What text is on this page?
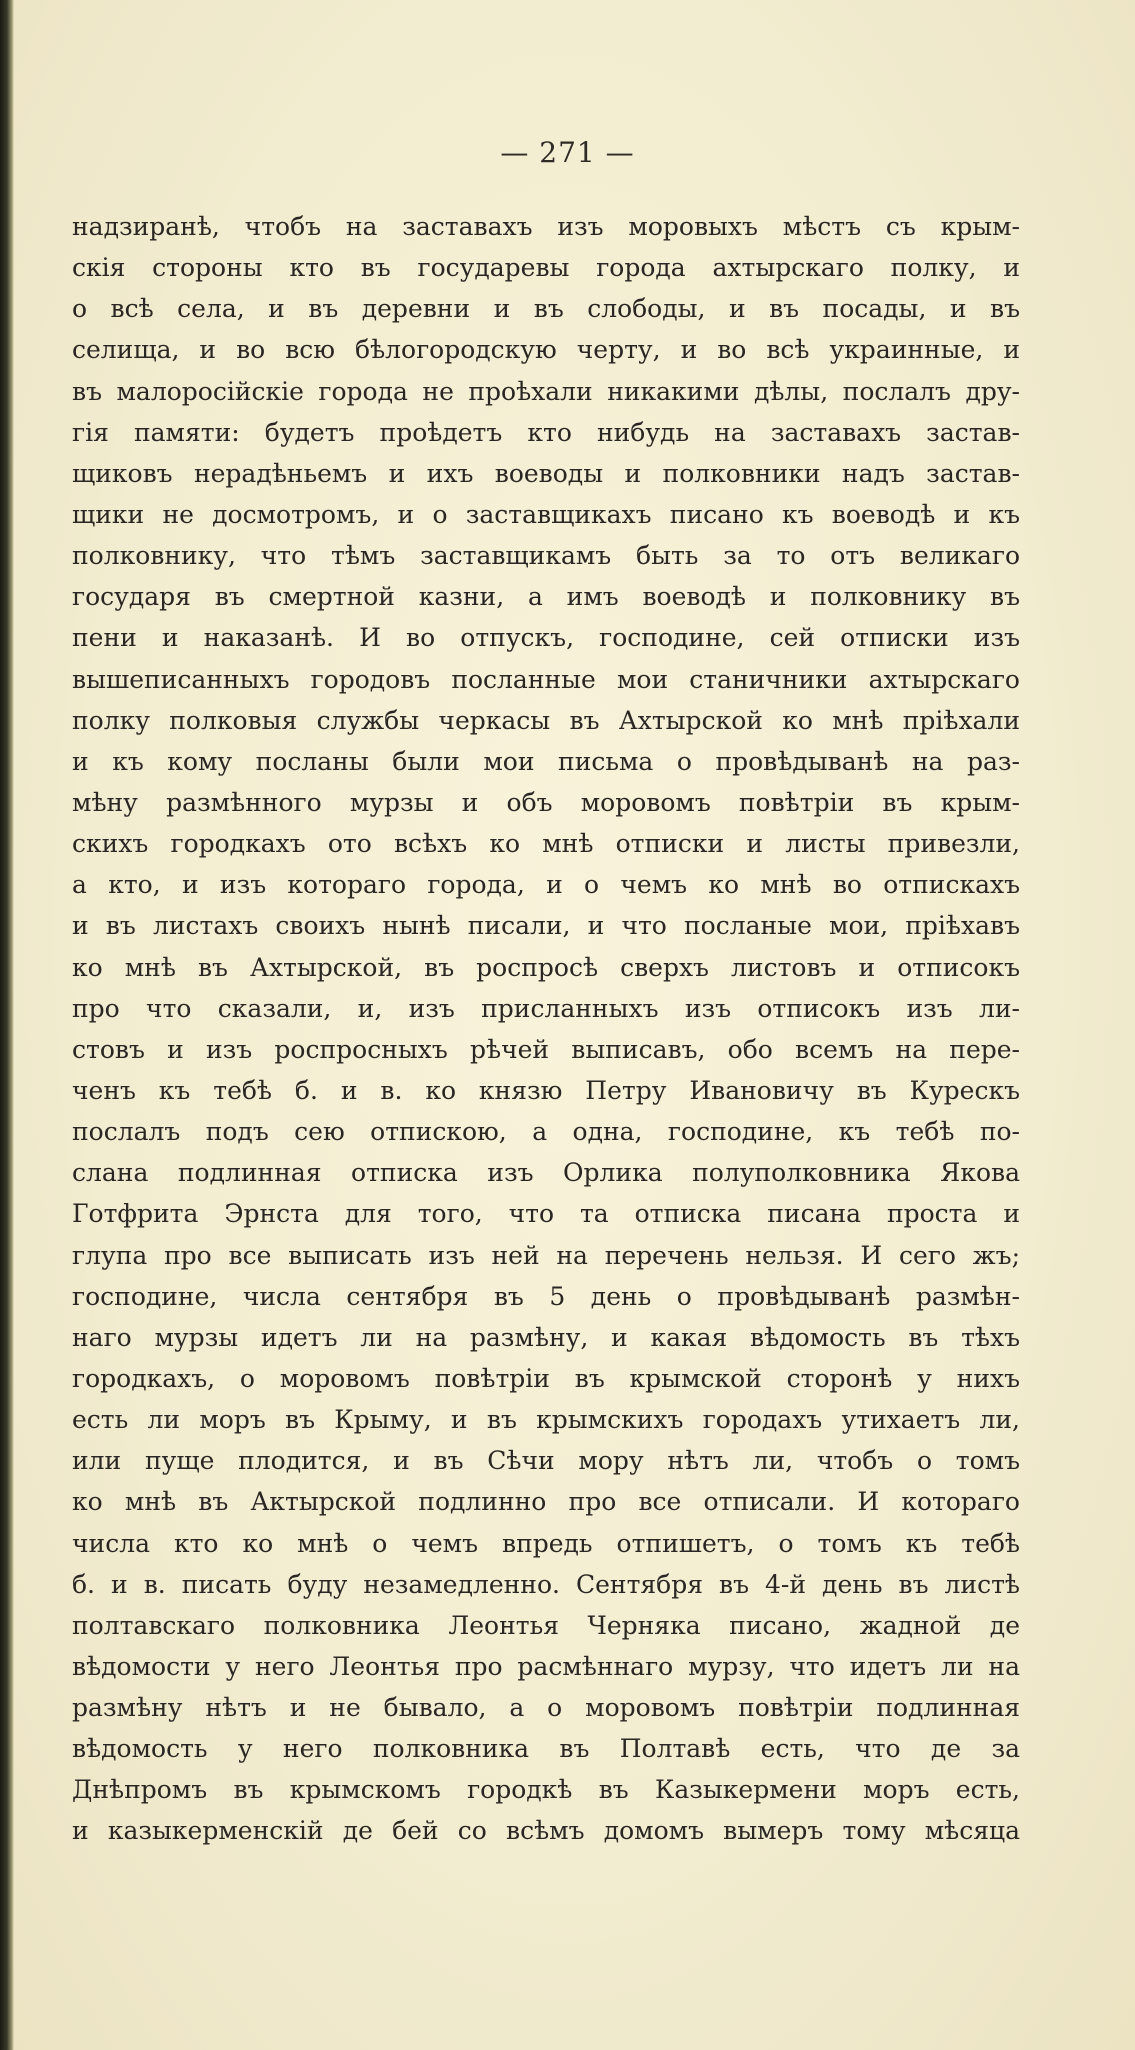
— 271 —
надзиранѣ, чтобъ на заставахъ изъ моровыхъ мѣстъ съ крым-
скія стороны кто въ государевы города ахтырскаго полку, и
о всѣ села, и въ деревни и въ слободы, и въ посады, и въ
селища, и во всю бѣлогородскую черту, и во всѣ украинные, и
въ малоросійскіе города не проѣхали никакими дѣлы, послалъ дру-
гія памяти: будетъ проѣдетъ кто нибудь на заставахъ застав-
щиковъ нерадѣньемъ и ихъ воеводы и полковники надъ застав-
щики не досмотромъ, и о заставщикахъ писано къ воеводѣ и къ
полковнику, что тѣмъ заставщикамъ быть за то отъ великаго
государя въ смертной казни, а имъ воеводѣ и полковнику въ
пени и наказанѣ. И во отпускъ, господине, сей отписки изъ
вышеписанныхъ городовъ посланные мои станичники ахтырскаго
полку полковыя службы черкасы въ Ахтырской ко мнѣ пріѣхали
и къ кому посланы были мои письма о провѣдыванѣ на раз-
мѣну размѣнного мурзы и объ моровомъ повѣтріи въ крым-
скихъ городкахъ ото всѣхъ ко мнѣ отписки и листы привезли,
а кто, и изъ котораго города, и о чемъ ко мнѣ во отпискахъ
и въ листахъ своихъ нынѣ писали, и что посланые мои, пріѣхавъ
ко мнѣ въ Ахтырской, въ роспросѣ сверхъ листовъ и отписокъ
про что сказали, и, изъ присланныхъ изъ отписокъ изъ ли-
стовъ и изъ роспросныхъ рѣчей выписавъ, обо всемъ на пере-
ченъ къ тебѣ б. и в. ко князю Петру Ивановичу въ Курескъ
послалъ подъ сею отпискою, а одна, господине, къ тебѣ по-
слана подлинная отписка изъ Орлика полуполковника Якова
Готфрита Эрнста для того, что та отписка писана проста и
глупа про все выписать изъ ней на перечень нельзя. И сего жъ;
господине, числа сентября въ 5 день о провѣдыванѣ размѣн-
наго мурзы идетъ ли на размѣну, и какая вѣдомость въ тѣхъ
городкахъ, о моровомъ повѣтріи въ крымской сторонѣ у нихъ
есть ли моръ въ Крыму, и въ крымскихъ городахъ утихаетъ ли,
или пуще плодится, и въ Сѣчи мору нѣтъ ли, чтобъ о томъ
ко мнѣ въ Актырской подлинно про все отписали. И котораго
числа кто ко мнѣ о чемъ впредь отпишетъ, о томъ къ тебѣ
б. и в. писать буду незамедленно. Сентября въ 4-й день въ листѣ
полтавскаго полковника Леонтья Черняка писано, жадной де
вѣдомости у него Леонтья про расмѣннаго мурзу, что идетъ ли на
размѣну нѣтъ и не бывало, а о моровомъ повѣтріи подлинная
вѣдомость у него полковника въ Полтавѣ есть, что де за
Днѣпромъ въ крымскомъ городкѣ въ Казыкермени моръ есть,
и казыкерменскій де бей со всѣмъ домомъ вымеръ тому мѣсяца
